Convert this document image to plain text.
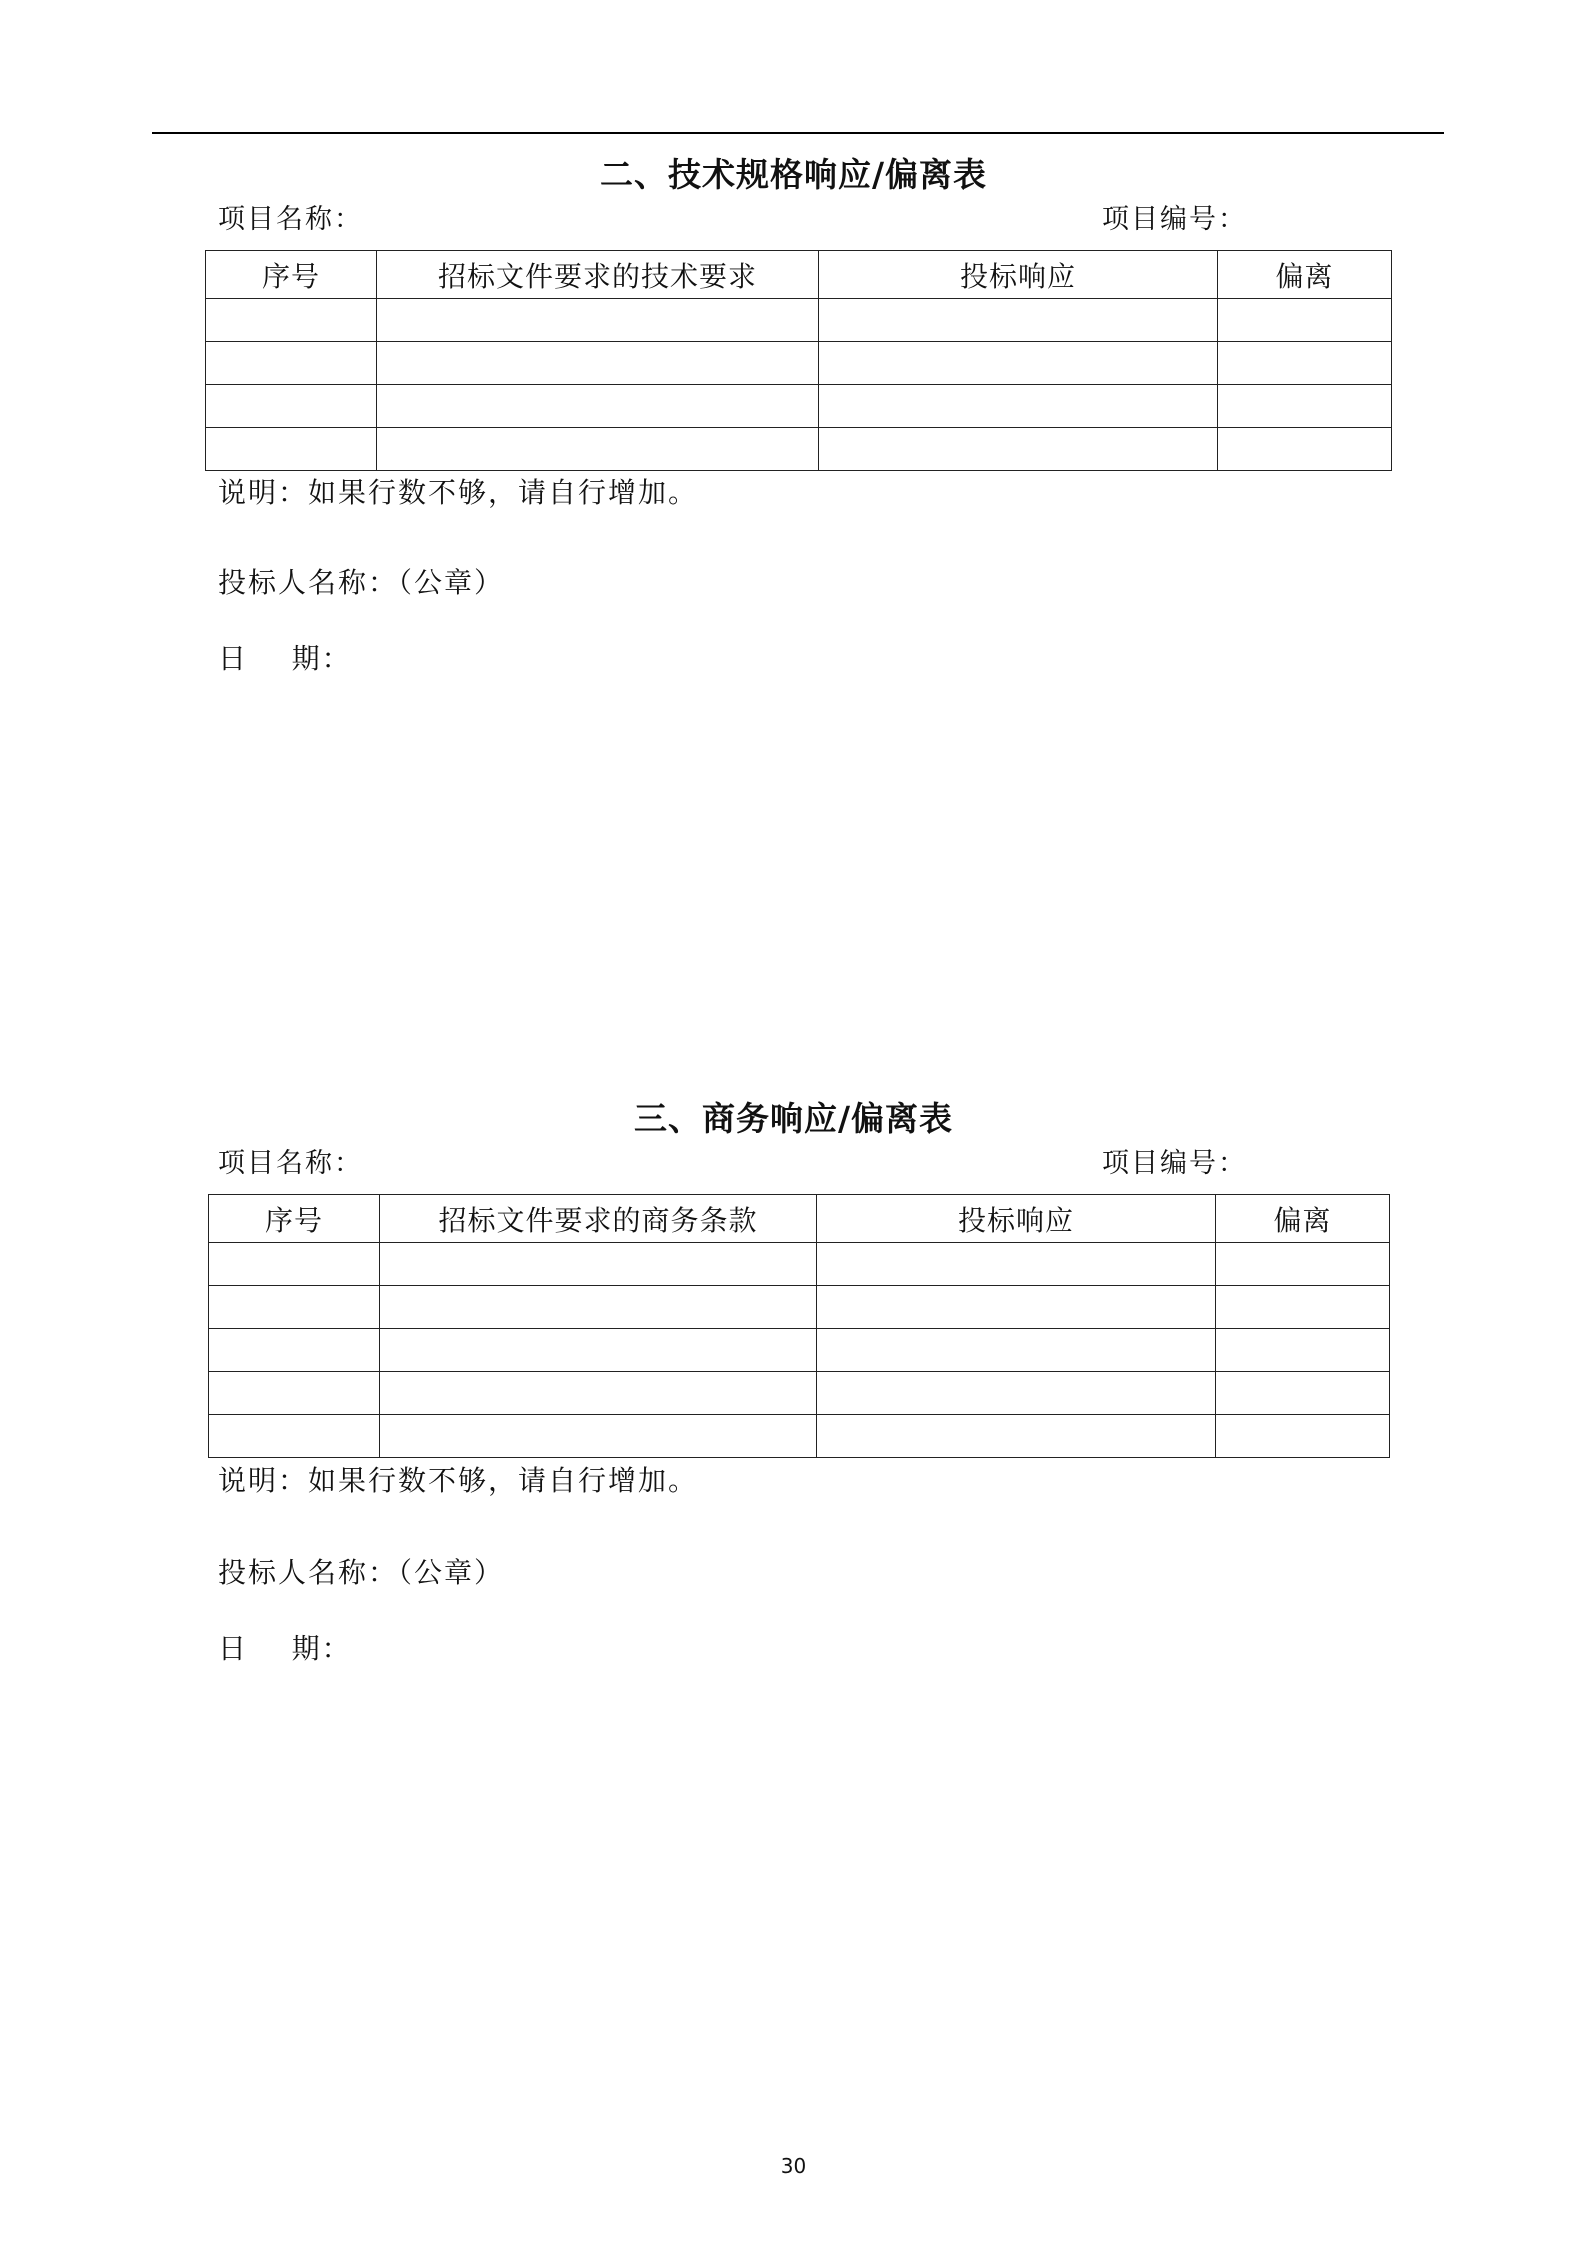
二、技术规格响应/偏离表
项目名称：	项目编号：
序号	招标文件要求的技术要求	投标响应	偏离

说明：如果行数不够，请自行增加。
投标人名称：（公章）
日    期：
三、商务响应/偏离表
项目名称：	项目编号：
序号	招标文件要求的商务条款	投标响应	偏离

说明：如果行数不够，请自行增加。
投标人名称：（公章）
日    期：
30
